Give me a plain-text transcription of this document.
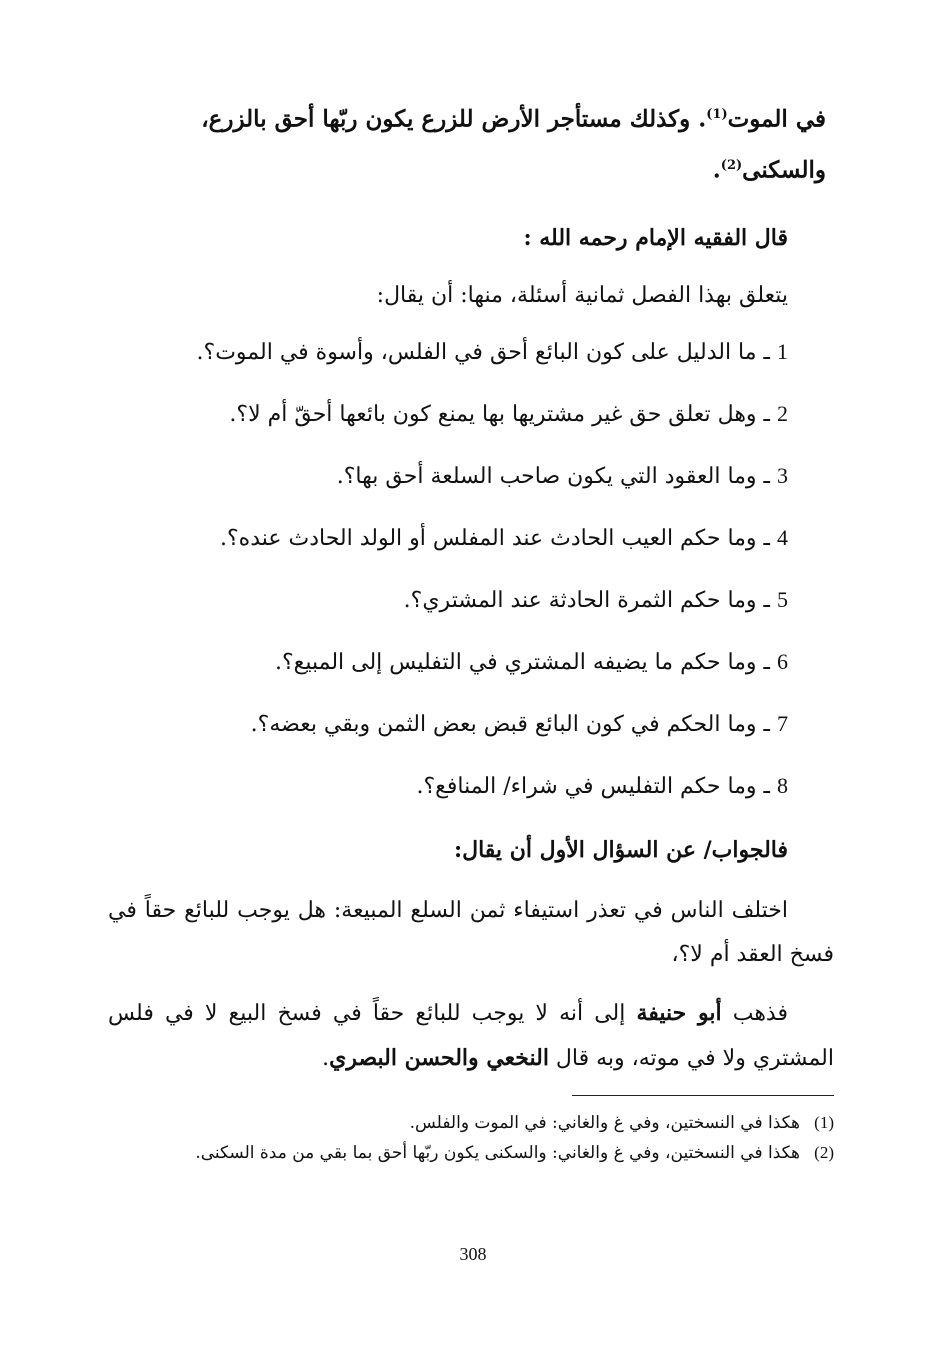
في الموت$^{(1)}$. وكذلك مستأجر الأرض للزرع يكون ربّها أحق بالزرع،
والسكنى$^{(2)}$.

قال الفقيه الإمام رحمه الله :
يتعلق بهذا الفصل ثمانية أسئلة، منها: أن يقال:
1 ـ ما الدليل على كون البائع أحق في الفلس، وأسوة في الموت؟.
2 ـ وهل تعلق حق غير مشتريها بها يمنع كون بائعها أحقّ أم لا؟.
3 ـ وما العقود التي يكون صاحب السلعة أحق بها؟.
4 ـ وما حكم العيب الحادث عند المفلس أو الولد الحادث عنده؟.
5 ـ وما حكم الثمرة الحادثة عند المشتري؟.
6 ـ وما حكم ما يضيفه المشتري في التفليس إلى المبيع؟.
7 ـ وما الحكم في كون البائع قبض بعض الثمن وبقي بعضه؟.
8 ـ وما حكم التفليس في شراء/ المنافع؟.
فالجواب/ عن السؤال الأول أن يقال:

اختلف الناس في تعذر استيفاء ثمن السلع المبيعة: هل يوجب للبائع حقاً في فسخ العقد أم لا؟،

فذهب أبو حنيفة إلى أنه لا يوجب للبائع حقاً في فسخ البيع لا في فلس المشتري ولا في موته، وبه قال النخعي والحسن البصري.

(1)
هكذا في النسختين، وفي غ والغاني: في الموت والفلس.
(2)
هكذا في النسختين، وفي غ والغاني: والسكنى يكون ربّها أحق بما بقي من مدة السكنى.
308
